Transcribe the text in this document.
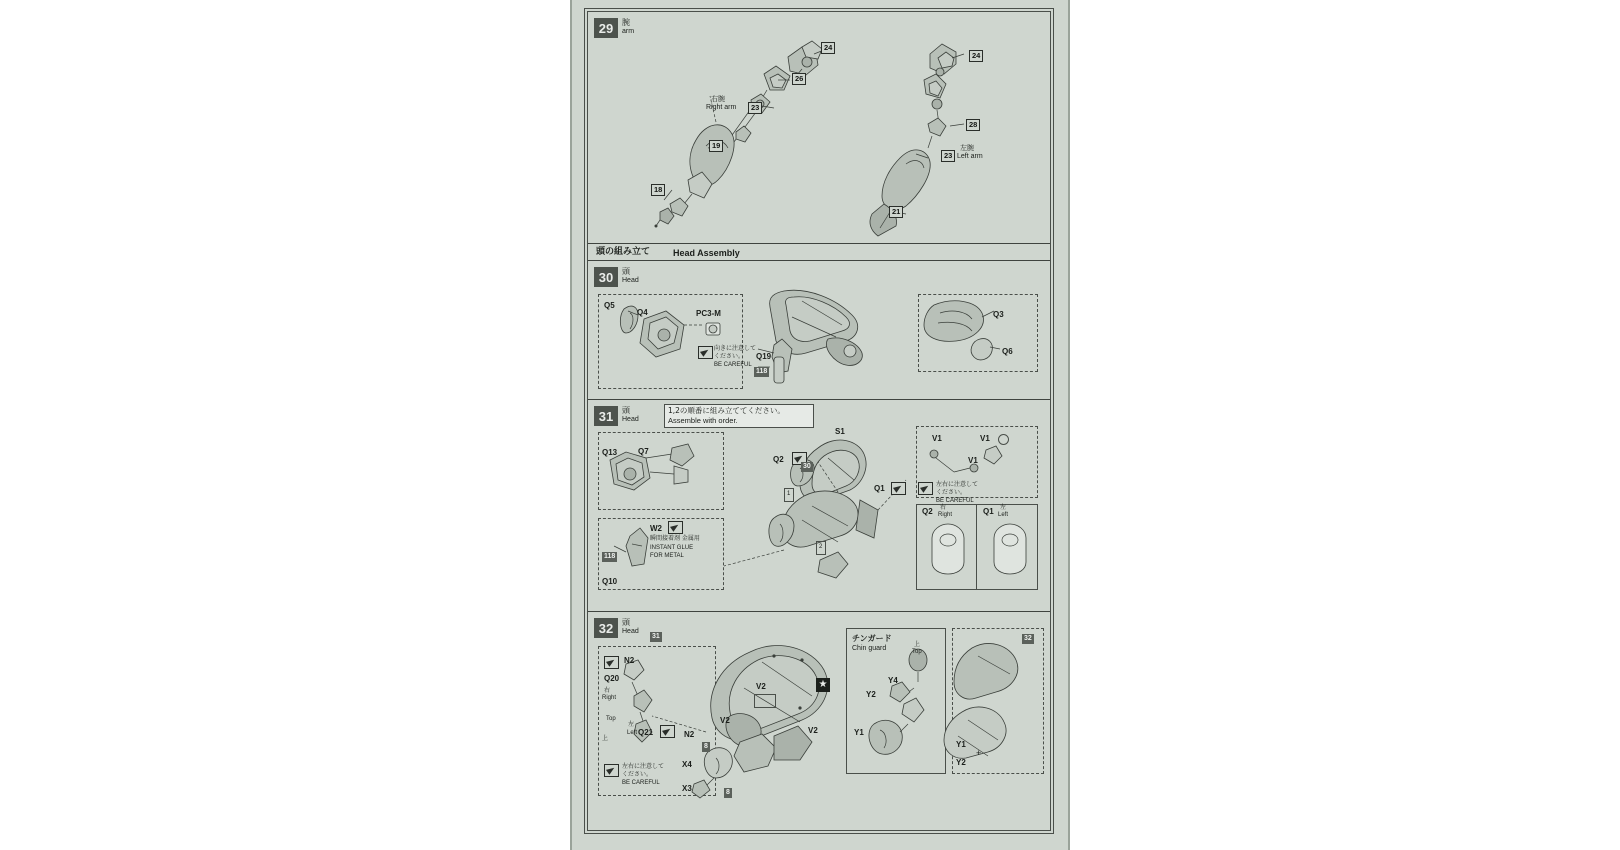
29	腕
arm
24
24
26
23
右腕
Right arm
19
18
28
23
左腕
Left arm
21
頭の組み立て	Head Assembly
30	頭
Head
Q5
Q4	PC3-M
Q19
118
Q3
Q6
向きに注意して
ください。
BE CAREFUL
31	頭
Head
1,2の順番に組み立ててください。
Assemble with order.
Q13	Q7
Q2
S1
30
V1	V1
V1
Q1	左右に注意して
ください。
BE CAREFUL
Q2 右
Right	Q1 左
Left
W2
118
Q10
瞬間接着剤 金属用
INSTANT GLUE
FOR METAL
1
2
32	頭
Head
31
N2
Q20
右
Right
Top
上
Q21
左
Left	N2
8
左右に注意して
ください。
BE CAREFUL
V2
V2
V2
★
X4
X3	8
チンガード
Chin guard
上
Top
Y4
Y2
Y1
Y1
Y2
+
32
